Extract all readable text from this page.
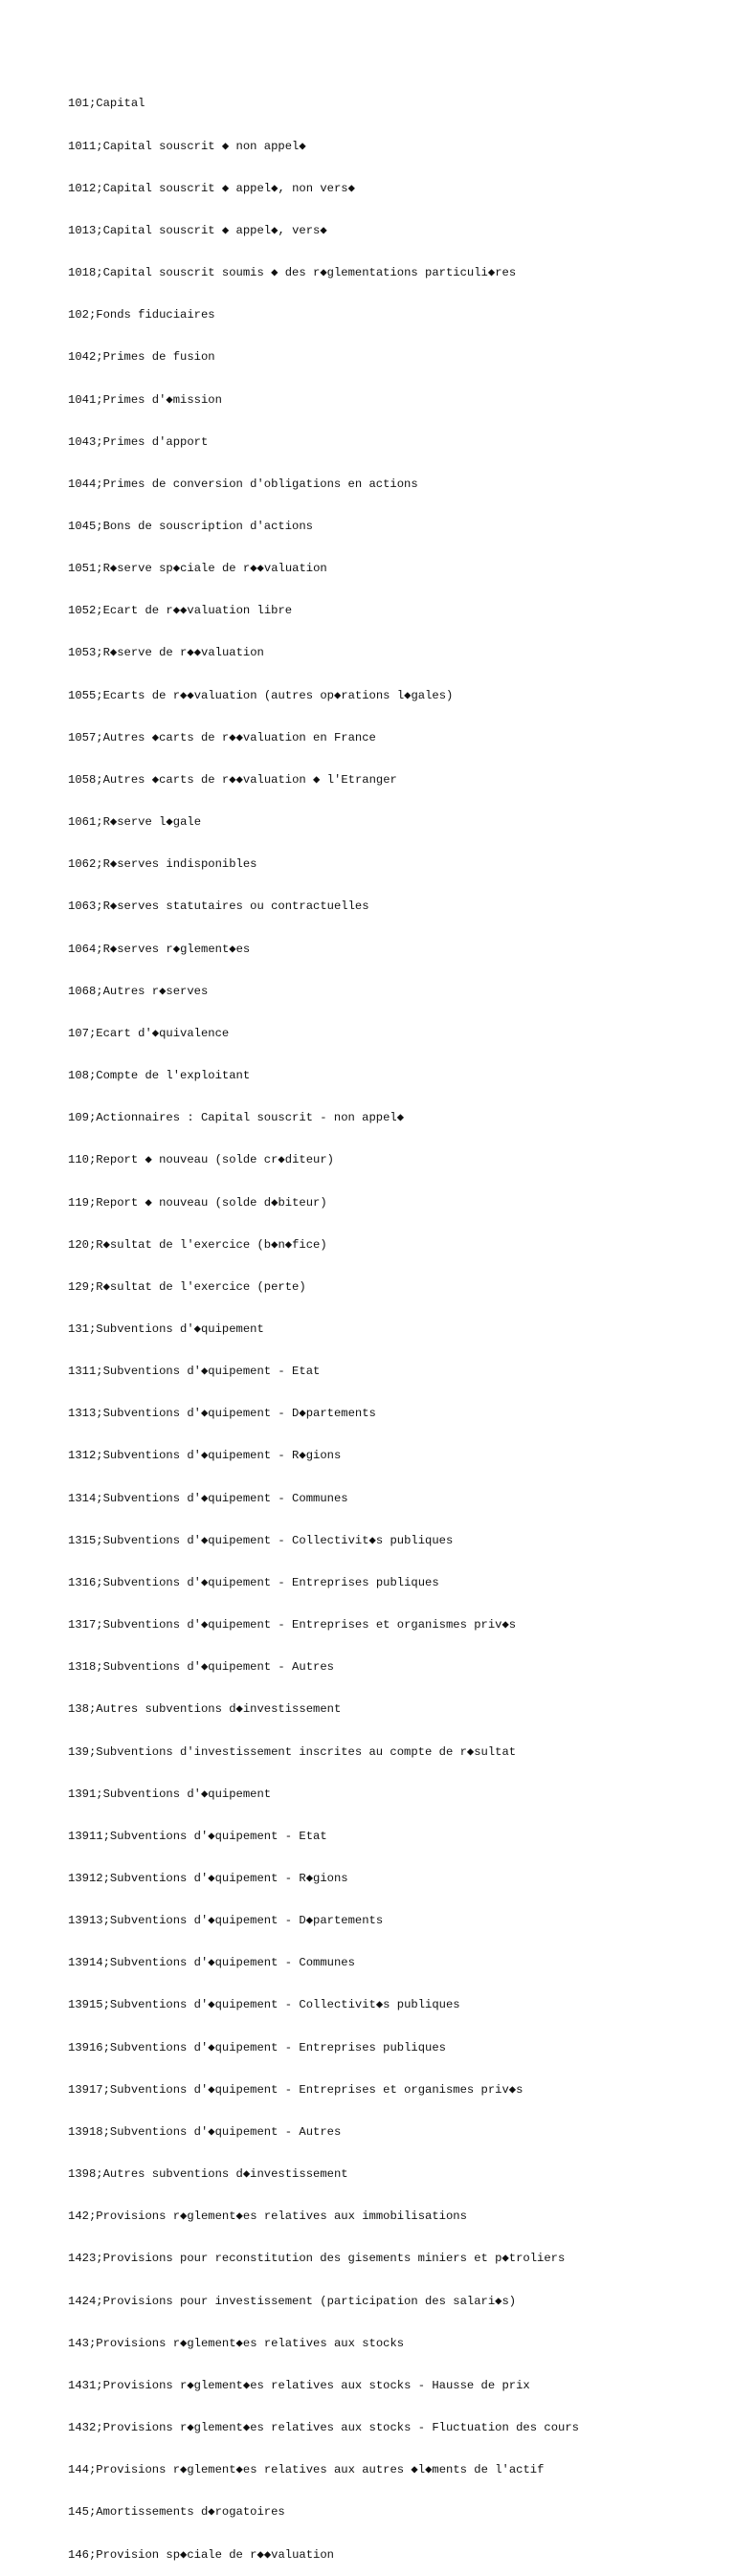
101;Capital

1011;Capital souscrit ◆ non appel◆

1012;Capital souscrit ◆ appel◆, non vers◆

1013;Capital souscrit ◆ appel◆, vers◆

1018;Capital souscrit soumis ◆ des r◆glementations particuli◆res

102;Fonds fiduciaires

1042;Primes de fusion

1041;Primes d'◆mission

1043;Primes d'apport

1044;Primes de conversion d'obligations en actions

1045;Bons de souscription d'actions

1051;R◆serve sp◆ciale de r◆◆valuation

1052;Ecart de r◆◆valuation libre

1053;R◆serve de r◆◆valuation

1055;Ecarts de r◆◆valuation (autres op◆rations l◆gales)

1057;Autres ◆carts de r◆◆valuation en France

1058;Autres ◆carts de r◆◆valuation ◆ l'Etranger

1061;R◆serve l◆gale

1062;R◆serves indisponibles

1063;R◆serves statutaires ou contractuelles

1064;R◆serves r◆glement◆es

1068;Autres r◆serves

107;Ecart d'◆quivalence

108;Compte de l'exploitant

109;Actionnaires : Capital souscrit - non appel◆

110;Report ◆ nouveau (solde cr◆diteur)

119;Report ◆ nouveau (solde d◆biteur)

120;R◆sultat de l'exercice (b◆n◆fice)

129;R◆sultat de l'exercice (perte)

131;Subventions d'◆quipement

1311;Subventions d'◆quipement - Etat

1313;Subventions d'◆quipement - D◆partements

1312;Subventions d'◆quipement - R◆gions

1314;Subventions d'◆quipement - Communes

1315;Subventions d'◆quipement - Collectivit◆s publiques

1316;Subventions d'◆quipement - Entreprises publiques

1317;Subventions d'◆quipement - Entreprises et organismes priv◆s

1318;Subventions d'◆quipement - Autres

138;Autres subventions d◆investissement

139;Subventions d'investissement inscrites au compte de r◆sultat

1391;Subventions d'◆quipement

13911;Subventions d'◆quipement - Etat

13912;Subventions d'◆quipement - R◆gions

13913;Subventions d'◆quipement - D◆partements

13914;Subventions d'◆quipement - Communes

13915;Subventions d'◆quipement - Collectivit◆s publiques

13916;Subventions d'◆quipement - Entreprises publiques

13917;Subventions d'◆quipement - Entreprises et organismes priv◆s

13918;Subventions d'◆quipement - Autres

1398;Autres subventions d◆investissement

142;Provisions r◆glement◆es relatives aux immobilisations

1423;Provisions pour reconstitution des gisements miniers et p◆troliers

1424;Provisions pour investissement (participation des salari◆s)

143;Provisions r◆glement◆es relatives aux stocks

1431;Provisions r◆glement◆es relatives aux stocks - Hausse de prix

1432;Provisions r◆glement◆es relatives aux stocks - Fluctuation des cours

144;Provisions r◆glement◆es relatives aux autres ◆l◆ments de l'actif

145;Amortissements d◆rogatoires

146;Provision sp◆ciale de r◆◆valuation
